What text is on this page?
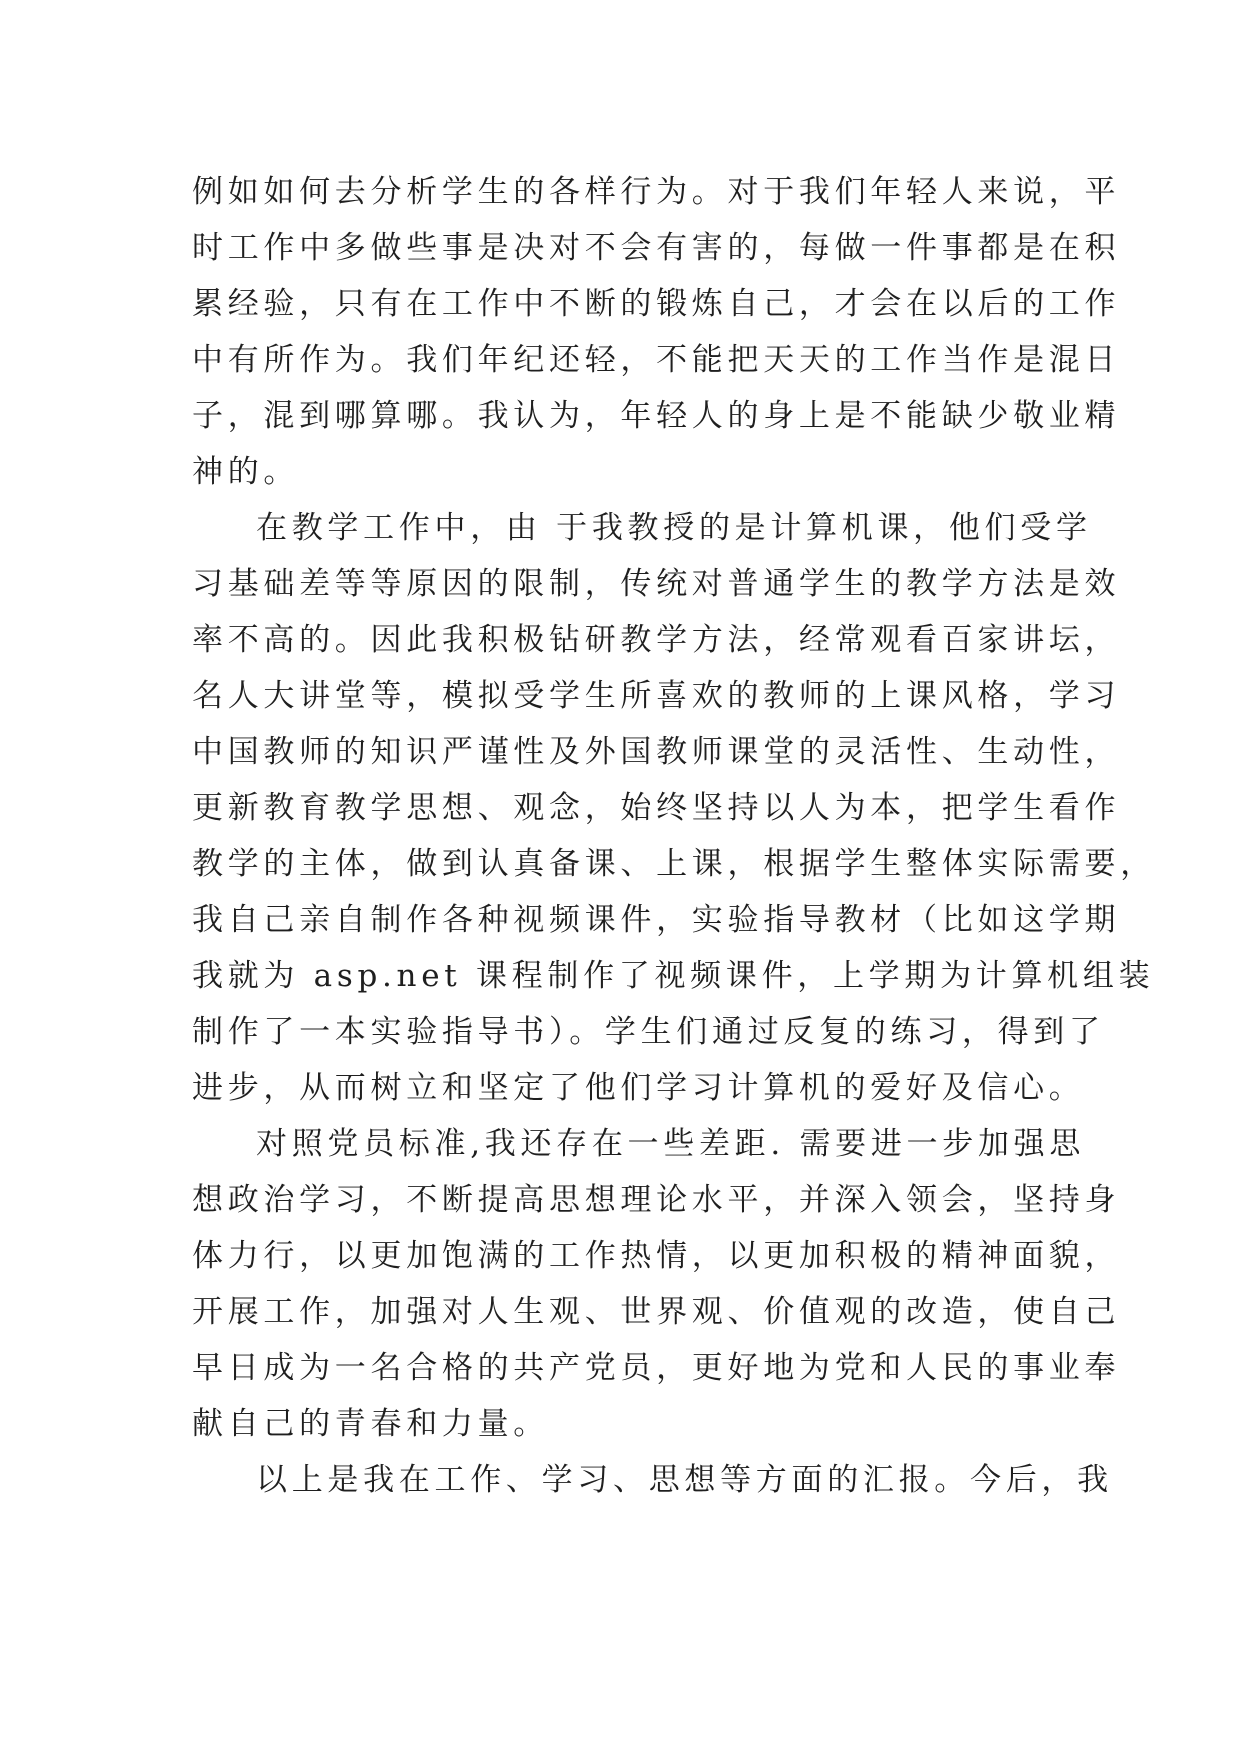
例如如何去分析学生的各样行为。对于我们年轻人来说，平
时工作中多做些事是决对不会有害的，每做一件事都是在积
累经验，只有在工作中不断的锻炼自己，才会在以后的工作
中有所作为。我们年纪还轻，不能把天天的工作当作是混日
子，混到哪算哪。我认为，年轻人的身上是不能缺少敬业精
神的。
在教学工作中，由 于我教授的是计算机课，他们受学
习基础差等等原因的限制，传统对普通学生的教学方法是效
率不高的。因此我积极钻研教学方法，经常观看百家讲坛，
名人大讲堂等，模拟受学生所喜欢的教师的上课风格，学习
中国教师的知识严谨性及外国教师课堂的灵活性、生动性，
更新教育教学思想、观念，始终坚持以人为本，把学生看作
教学的主体，做到认真备课、上课，根据学生整体实际需要，
我自己亲自制作各种视频课件，实验指导教材（比如这学期
我就为 asp.net 课程制作了视频课件，上学期为计算机组装
制作了一本实验指导书）。学生们通过反复的练习，得到了
进步，从而树立和坚定了他们学习计算机的爱好及信心。
对照党员标准,我还存在一些差距. 需要进一步加强思
想政治学习，不断提高思想理论水平，并深入领会，坚持身
体力行，以更加饱满的工作热情，以更加积极的精神面貌，
开展工作，加强对人生观、世界观、价值观的改造，使自己
早日成为一名合格的共产党员，更好地为党和人民的事业奉
献自己的青春和力量。
以上是我在工作、学习、思想等方面的汇报。今后，我
